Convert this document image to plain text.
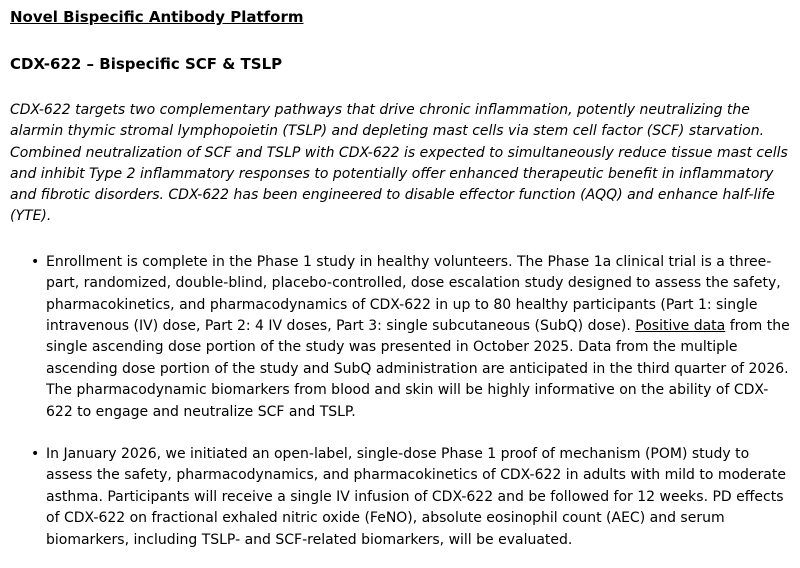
Novel Bispecific Antibody Platform
CDX-622 – Bispecific SCF & TSLP

CDX-622 targets two complementary pathways that drive chronic inflammation, potently neutralizing the alarmin thymic stromal lymphopoietin (TSLP) and depleting mast cells via stem cell factor (SCF) starvation. Combined neutralization of SCF and TSLP with CDX-622 is expected to simultaneously reduce tissue mast cells and inhibit Type 2 inflammatory responses to potentially offer enhanced therapeutic benefit in inflammatory and fibrotic disorders. CDX-622 has been engineered to disable effector function (AQQ) and enhance half-life (YTE).

• Enrollment is complete in the Phase 1 study in healthy volunteers. The Phase 1a clinical trial is a three-part, randomized, double-blind, placebo-controlled, dose escalation study designed to assess the safety, pharmacokinetics, and pharmacodynamics of CDX-622 in up to 80 healthy participants (Part 1: single intravenous (IV) dose, Part 2: 4 IV doses, Part 3: single subcutaneous (SubQ) dose). Positive data from the single ascending dose portion of the study was presented in October 2025. Data from the multiple ascending dose portion of the study and SubQ administration are anticipated in the third quarter of 2026. The pharmacodynamic biomarkers from blood and skin will be highly informative on the ability of CDX-622 to engage and neutralize SCF and TSLP.
• In January 2026, we initiated an open-label, single-dose Phase 1 proof of mechanism (POM) study to assess the safety, pharmacodynamics, and pharmacokinetics of CDX-622 in adults with mild to moderate asthma. Participants will receive a single IV infusion of CDX-622 and be followed for 12 weeks. PD effects of CDX-622 on fractional exhaled nitric oxide (FeNO), absolute eosinophil count (AEC) and serum biomarkers, including TSLP- and SCF-related biomarkers, will be evaluated.
